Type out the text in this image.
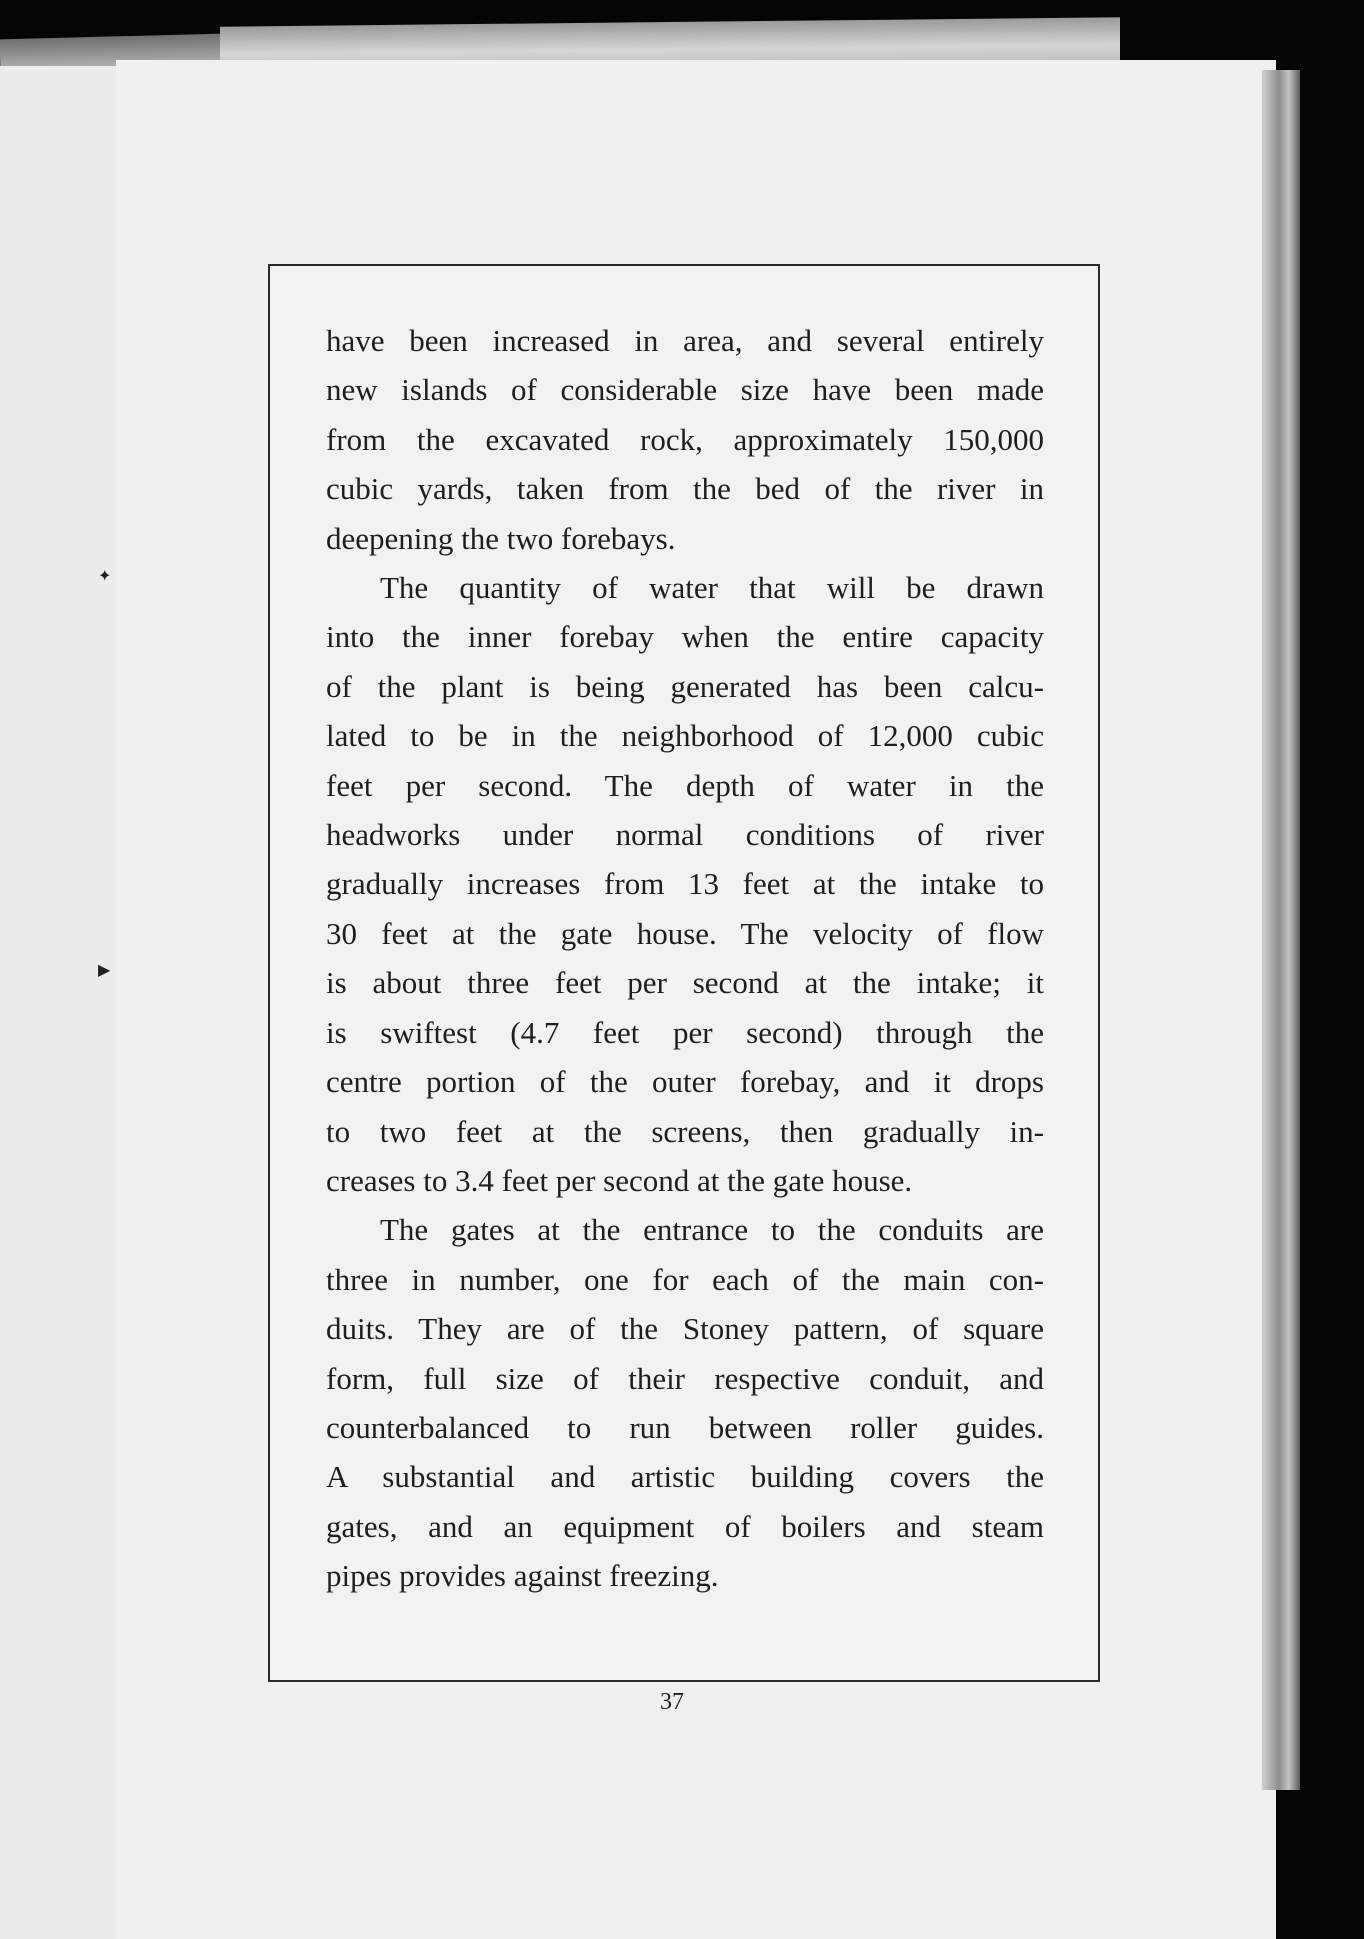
✦
▶
have been increased in area, and several entirely
new islands of considerable size have been made
from the excavated rock, approximately 150,000
cubic yards, taken from the bed of the river in
deepening the two forebays.
The quantity of water that will be drawn
into the inner forebay when the entire capacity
of the plant is being generated has been calcu-
lated to be in the neighborhood of 12,000 cubic
feet per second. The depth of water in the
headworks under normal conditions of river
gradually increases from 13 feet at the intake to
30 feet at the gate house. The velocity of flow
is about three feet per second at the intake; it
is swiftest (4.7 feet per second) through the
centre portion of the outer forebay, and it drops
to two feet at the screens, then gradually in-
creases to 3.4 feet per second at the gate house.
The gates at the entrance to the conduits are
three in number, one for each of the main con-
duits. They are of the Stoney pattern, of square
form, full size of their respective conduit, and
counterbalanced to run between roller guides.
A substantial and artistic building covers the
gates, and an equipment of boilers and steam
pipes provides against freezing.
37
